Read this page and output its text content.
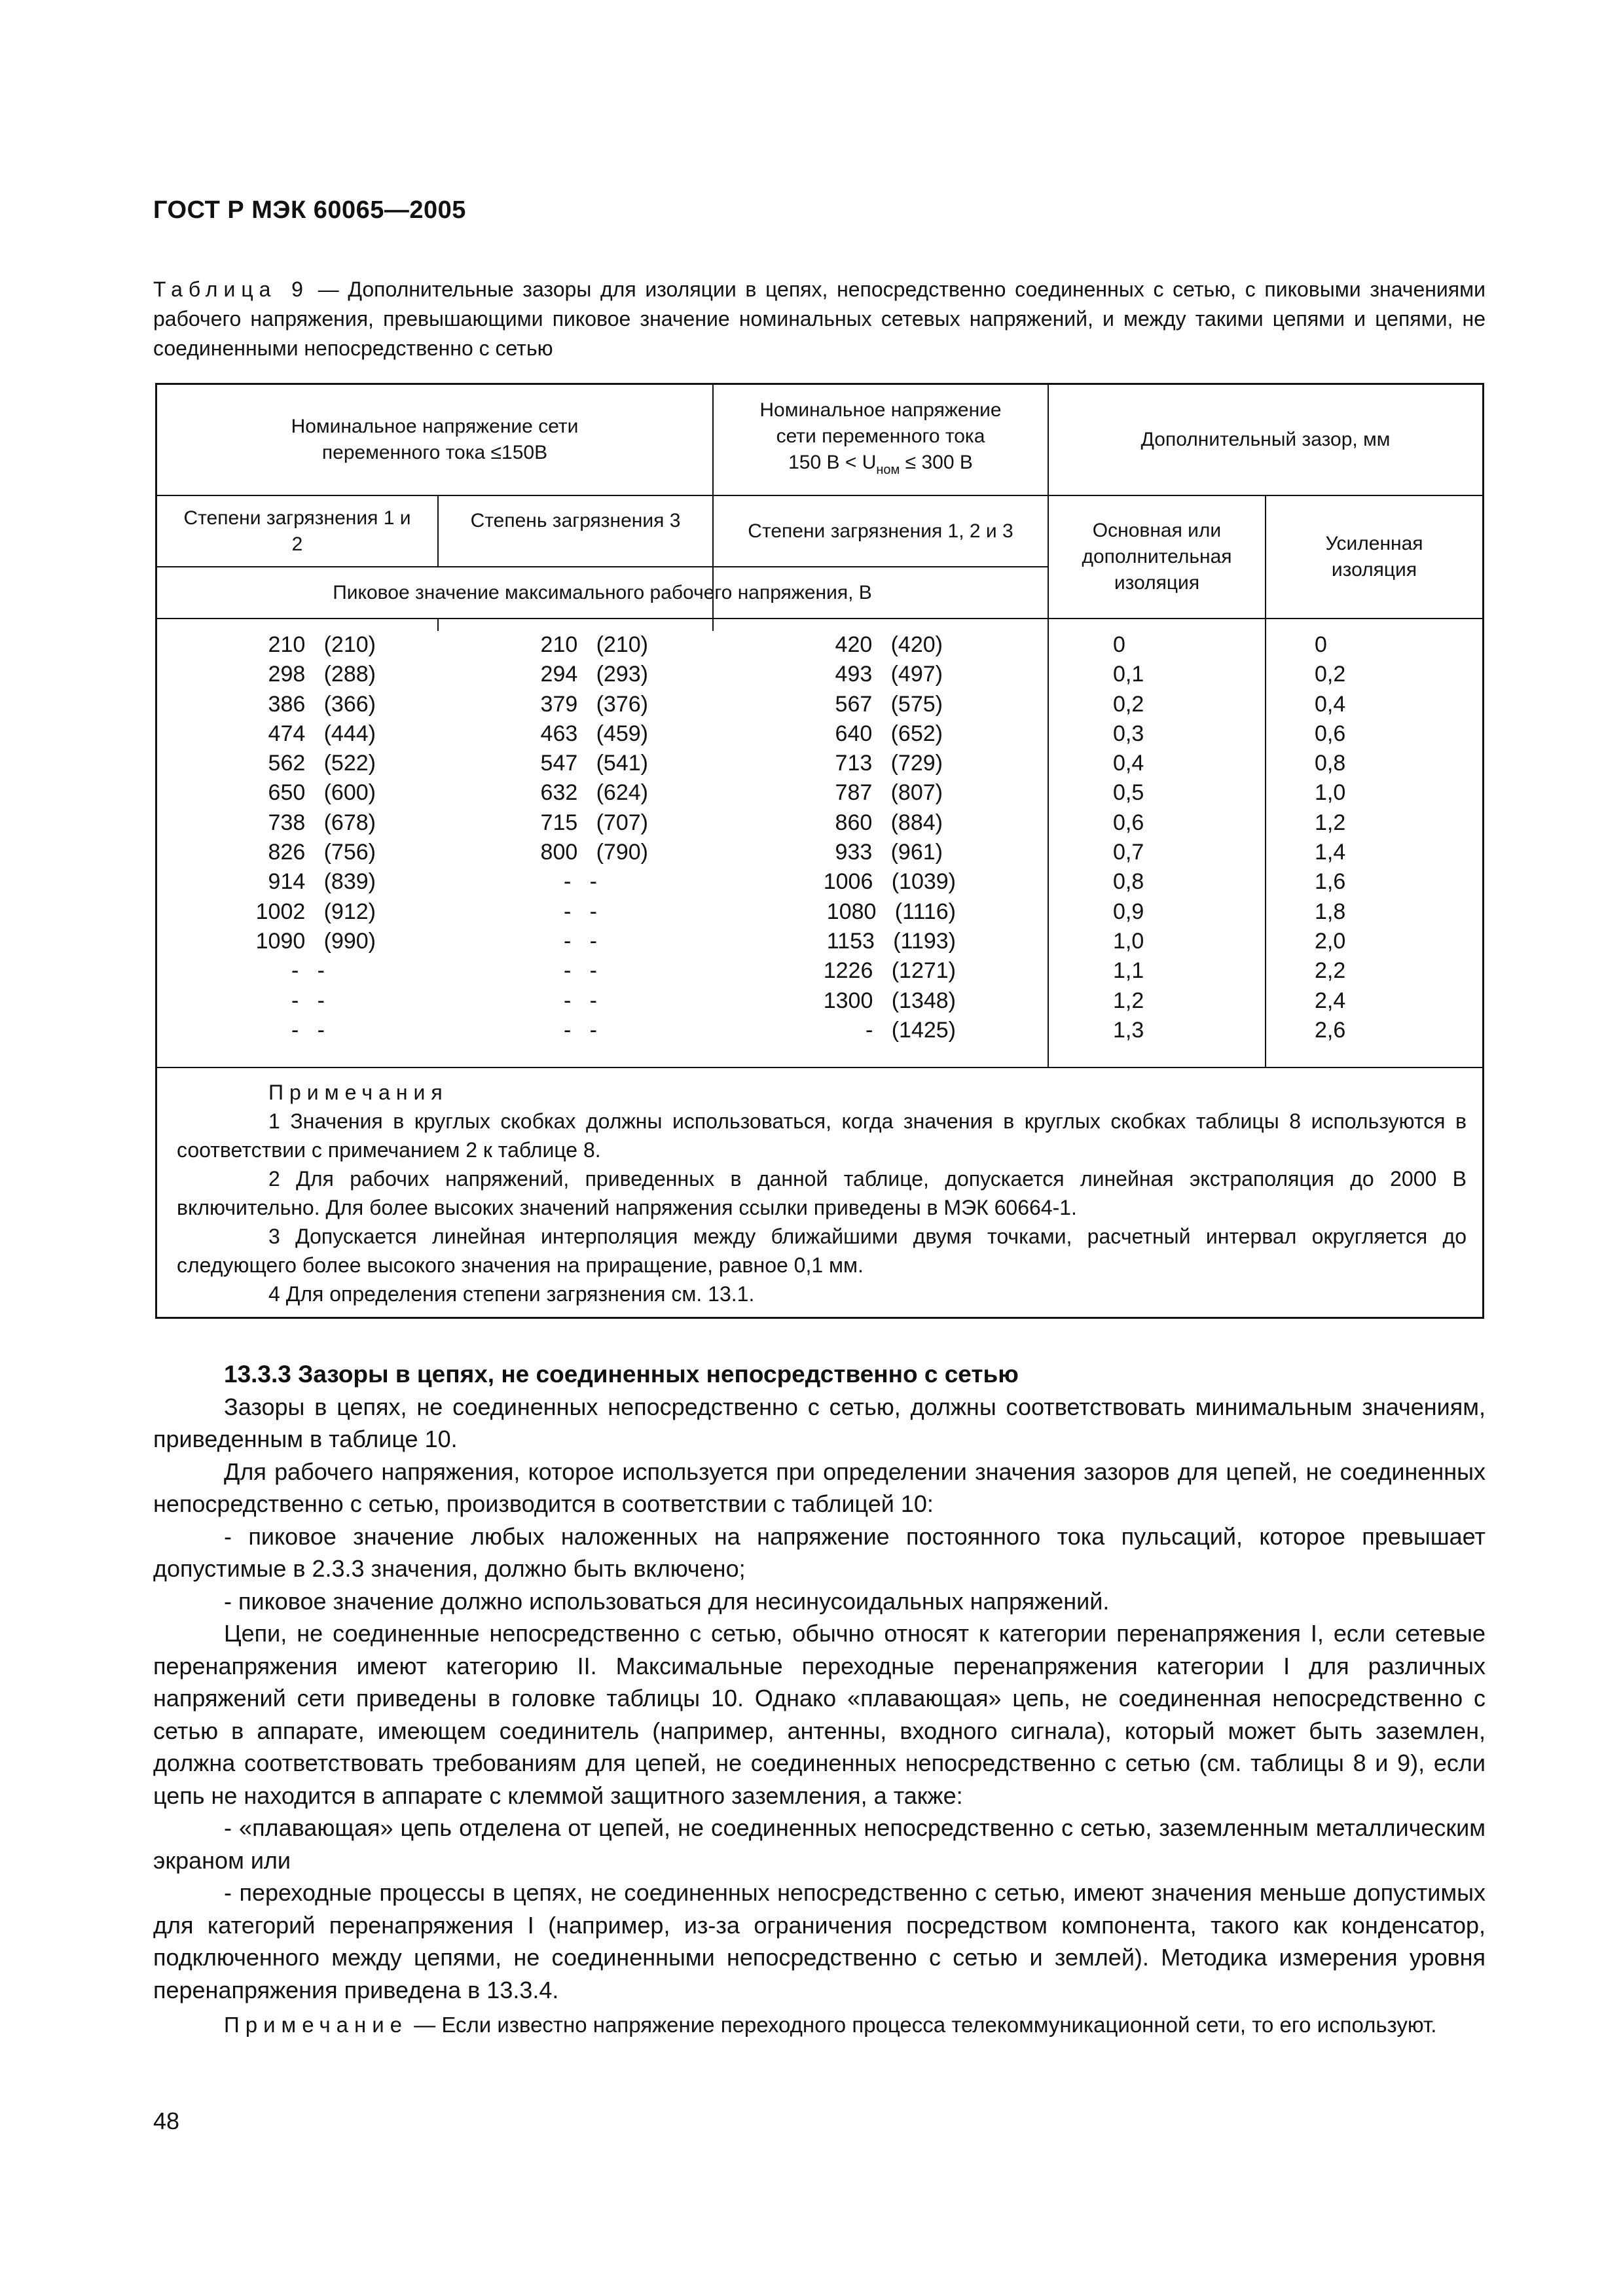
ГОСТ Р МЭК 60065—2005
Таблица 9 — Дополнительные зазоры для изоляции в цепях, непосредственно соединенных с сетью, с пиковыми значениями рабочего напряжения, превышающими пиковое значение номинальных сетевых напряжений, и между такими цепями и цепями, не соединенными непосредственно с сетью
Номинальное напряжение сети переменного тока ≤150В
Номинальное напряжение сети переменного тока
150 $В < U_{ном} \le 300$ В
Дополнительный зазор, мм
Степени загрязнения 1 и 2
Степень загрязнения 3	Степени загрязнения 1, 2 и 3	Основная или дополнительная изоляция
Усиленная изоляция
Пиковое значение максимального рабочего напряжения, В
210   (210)
298   (288)
386   (366)
474   (444)
562   (522)
650   (600)
738   (678)
826   (756)
914   (839)
1002   (912)
1090   (990)
-   -
-   -
-   -
210   (210)
294   (293)
379   (376)
463   (459)
547   (541)
632   (624)
715   (707)
800   (790)
-   -
-   -
-   -
-   -
-   -
-   -
420   (420)
493   (497)
567   (575)
640   (652)
713   (729)
787   (807)
860   (884)
933   (961)
1006   (1039)
1080   (1116)
1153   (1193)
1226   (1271)
1300   (1348)
-   (1425)
0
0,1
0,2
0,3
0,4
0,5
0,6
0,7
0,8
0,9
1,0
1,1
1,2
1,3
0
0,2
0,4
0,6
0,8
1,0
1,2
1,4
1,6
1,8
2,0
2,2
2,4
2,6
Примечания

1 Значения в круглых скобках должны использоваться, когда значения в круглых скобках таблицы 8 используются в соответствии с примечанием 2 к таблице 8.

2 Для рабочих напряжений, приведенных в данной таблице, допускается линейная экстраполяция до 2000 В включительно. Для более высоких значений напряжения ссылки приведены в МЭК 60664-1.

3 Допускается линейная интерполяция между ближайшими двумя точками, расчетный интервал округляется до следующего более высокого значения на приращение, равное 0,1 мм.

4 Для определения степени загрязнения см. 13.1.

13.3.3 Зазоры в цепях, не соединенных непосредственно с сетью

Зазоры в цепях, не соединенных непосредственно с сетью, должны соответствовать минимальным значениям, приведенным в таблице 10.

Для рабочего напряжения, которое используется при определении значения зазоров для цепей, не соединенных непосредственно с сетью, производится в соответствии с таблицей 10:

- пиковое значение любых наложенных на напряжение постоянного тока пульсаций, которое превышает допустимые в 2.3.3 значения, должно быть включено;

- пиковое значение должно использоваться для несинусоидальных напряжений.

Цепи, не соединенные непосредственно с сетью, обычно относят к категории перенапряжения I, если сетевые перенапряжения имеют категорию II. Максимальные переходные перенапряжения категории I для различных напряжений сети приведены в головке таблицы 10. Однако «плавающая» цепь, не соединенная непосредственно с сетью в аппарате, имеющем соединитель (например, антенны, входного сигнала), который может быть заземлен, должна соответствовать требованиям для цепей, не соединенных непосредственно с сетью (см. таблицы 8 и 9), если цепь не находится в аппарате с клеммой защитного заземления, а также:

- «плавающая» цепь отделена от цепей, не соединенных непосредственно с сетью, заземленным металлическим экраном или

- переходные процессы в цепях, не соединенных непосредственно с сетью, имеют значения меньше допустимых для категорий перенапряжения I (например, из-за ограничения посредством компонента, такого как конденсатор, подключенного между цепями, не соединенными непосредственно с сетью и землей). Методика измерения уровня перенапряжения приведена в 13.3.4.

Примечание — Если известно напряжение переходного процесса телекоммуникационной сети, то его используют.

48
